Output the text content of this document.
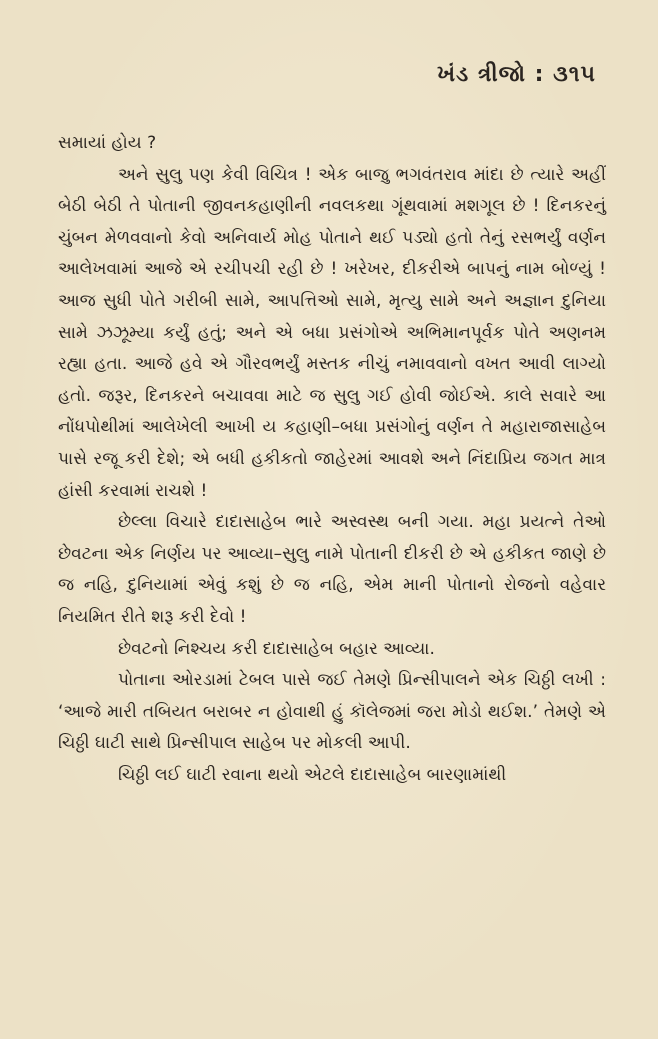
ખંડ ત્રીજો : ૩૧૫

સમાયાં હોય ?

અને સુલુ પણ કેવી વિચિત્ર ! એક બાજુ ભગવંતરાવ માંદા છે ત્યારે અહીં બેઠી બેઠી તે પોતાની જીવનકહાણીની નવલકથા ગૂંથવામાં મશગૂલ છે ! દિનકરનું ચુંબન મેળવવાનો કેવો અનિવાર્ય મોહ પોતાને થઈ પડ્યો હતો તેનું રસભર્યું વર્ણન આલેખવામાં આજે એ રચીપચી રહી છે ! ખરેખર, દીકરીએ બાપનું નામ બોળ્યું ! આજ સુધી પોતે ગરીબી સામે, આપત્તિઓ સામે, મૃત્યુ સામે અને અજ્ઞાન દુનિયા સામે ઝઝૂમ્યા કર્યું હતું; અને એ બધા પ્રસંગોએ અભિમાનપૂર્વક પોતે અણનમ રહ્યા હતા. આજે હવે એ ગૌરવભર્યું મસ્તક નીચું નમાવવાનો વખત આવી લાગ્યો હતો. જરૂર, દિનકરને બચાવવા માટે જ સુલુ ગઈ હોવી જોઈએ. કાલે સવારે આ નોંધપોથીમાં આલેખેલી આખી ય કહાણી–બધા પ્રસંગોનું વર્ણન તે મહારાજાસાહેબ પાસે રજૂ કરી દેશે; એ બધી હકીકતો જાહેરમાં આવશે અને નિંદાપ્રિય જગત માત્ર હાંસી કરવામાં રાચશે !

છેલ્લા વિચારે દાદાસાહેબ ભારે અસ્વસ્થ બની ગયા. મહા પ્રયત્ને તેઓ છેવટના એક નિર્ણય પર આવ્યા–સુલુ નામે પોતાની દીકરી છે એ હકીકત જાણે છે જ નહિ, દુનિયામાં એવું કશું છે જ નહિ, એમ માની પોતાનો રોજનો વહેવાર નિયમિત રીતે શરૂ કરી દેવો !

છેવટનો નિશ્ચય કરી દાદાસાહેબ બહાર આવ્યા.

પોતાના ઓરડામાં ટેબલ પાસે જઈ તેમણે પ્રિન્સીપાલને એક ચિઠ્ઠી લખી : ‘આજે મારી તબિયત બરાબર ન હોવાથી હું કૉલેજમાં જરા મોડો થઈશ.’ તેમણે એ ચિઠ્ઠી ઘાટી સાથે પ્રિન્સીપાલ સાહેબ પર મોકલી આપી.

ચિઠ્ઠી લઈ ઘાટી રવાના થયો એટલે દાદાસાહેબ બારણામાંથી
